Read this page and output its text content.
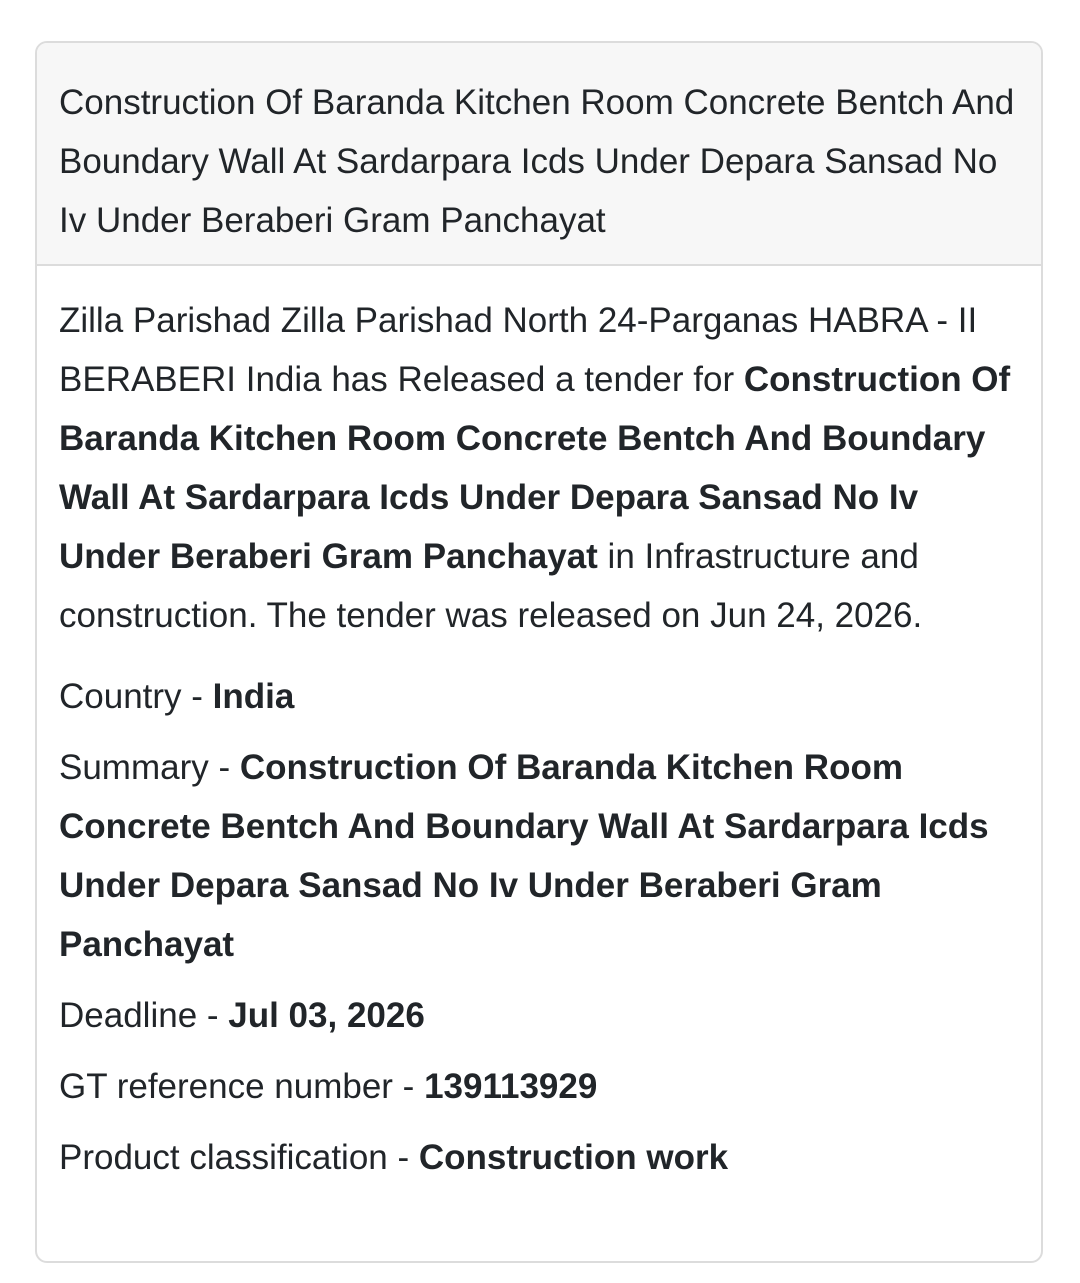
Construction Of Baranda Kitchen Room Concrete Bentch And Boundary Wall At Sardarpara Icds Under Depara Sansad No Iv Under Beraberi Gram Panchayat

Zilla Parishad Zilla Parishad North 24-Parganas HABRA - II BERABERI India has Released a tender for Construction Of Baranda Kitchen Room Concrete Bentch And Boundary Wall At Sardarpara Icds Under Depara Sansad No Iv Under Beraberi Gram Panchayat in Infrastructure and construction. The tender was released on Jun 24, 2026.

Country - India
Summary - Construction Of Baranda Kitchen Room Concrete Bentch And Boundary Wall At Sardarpara Icds Under Depara Sansad No Iv Under Beraberi Gram Panchayat
Deadline - Jul 03, 2026
GT reference number - 139113929
Product classification - Construction work
